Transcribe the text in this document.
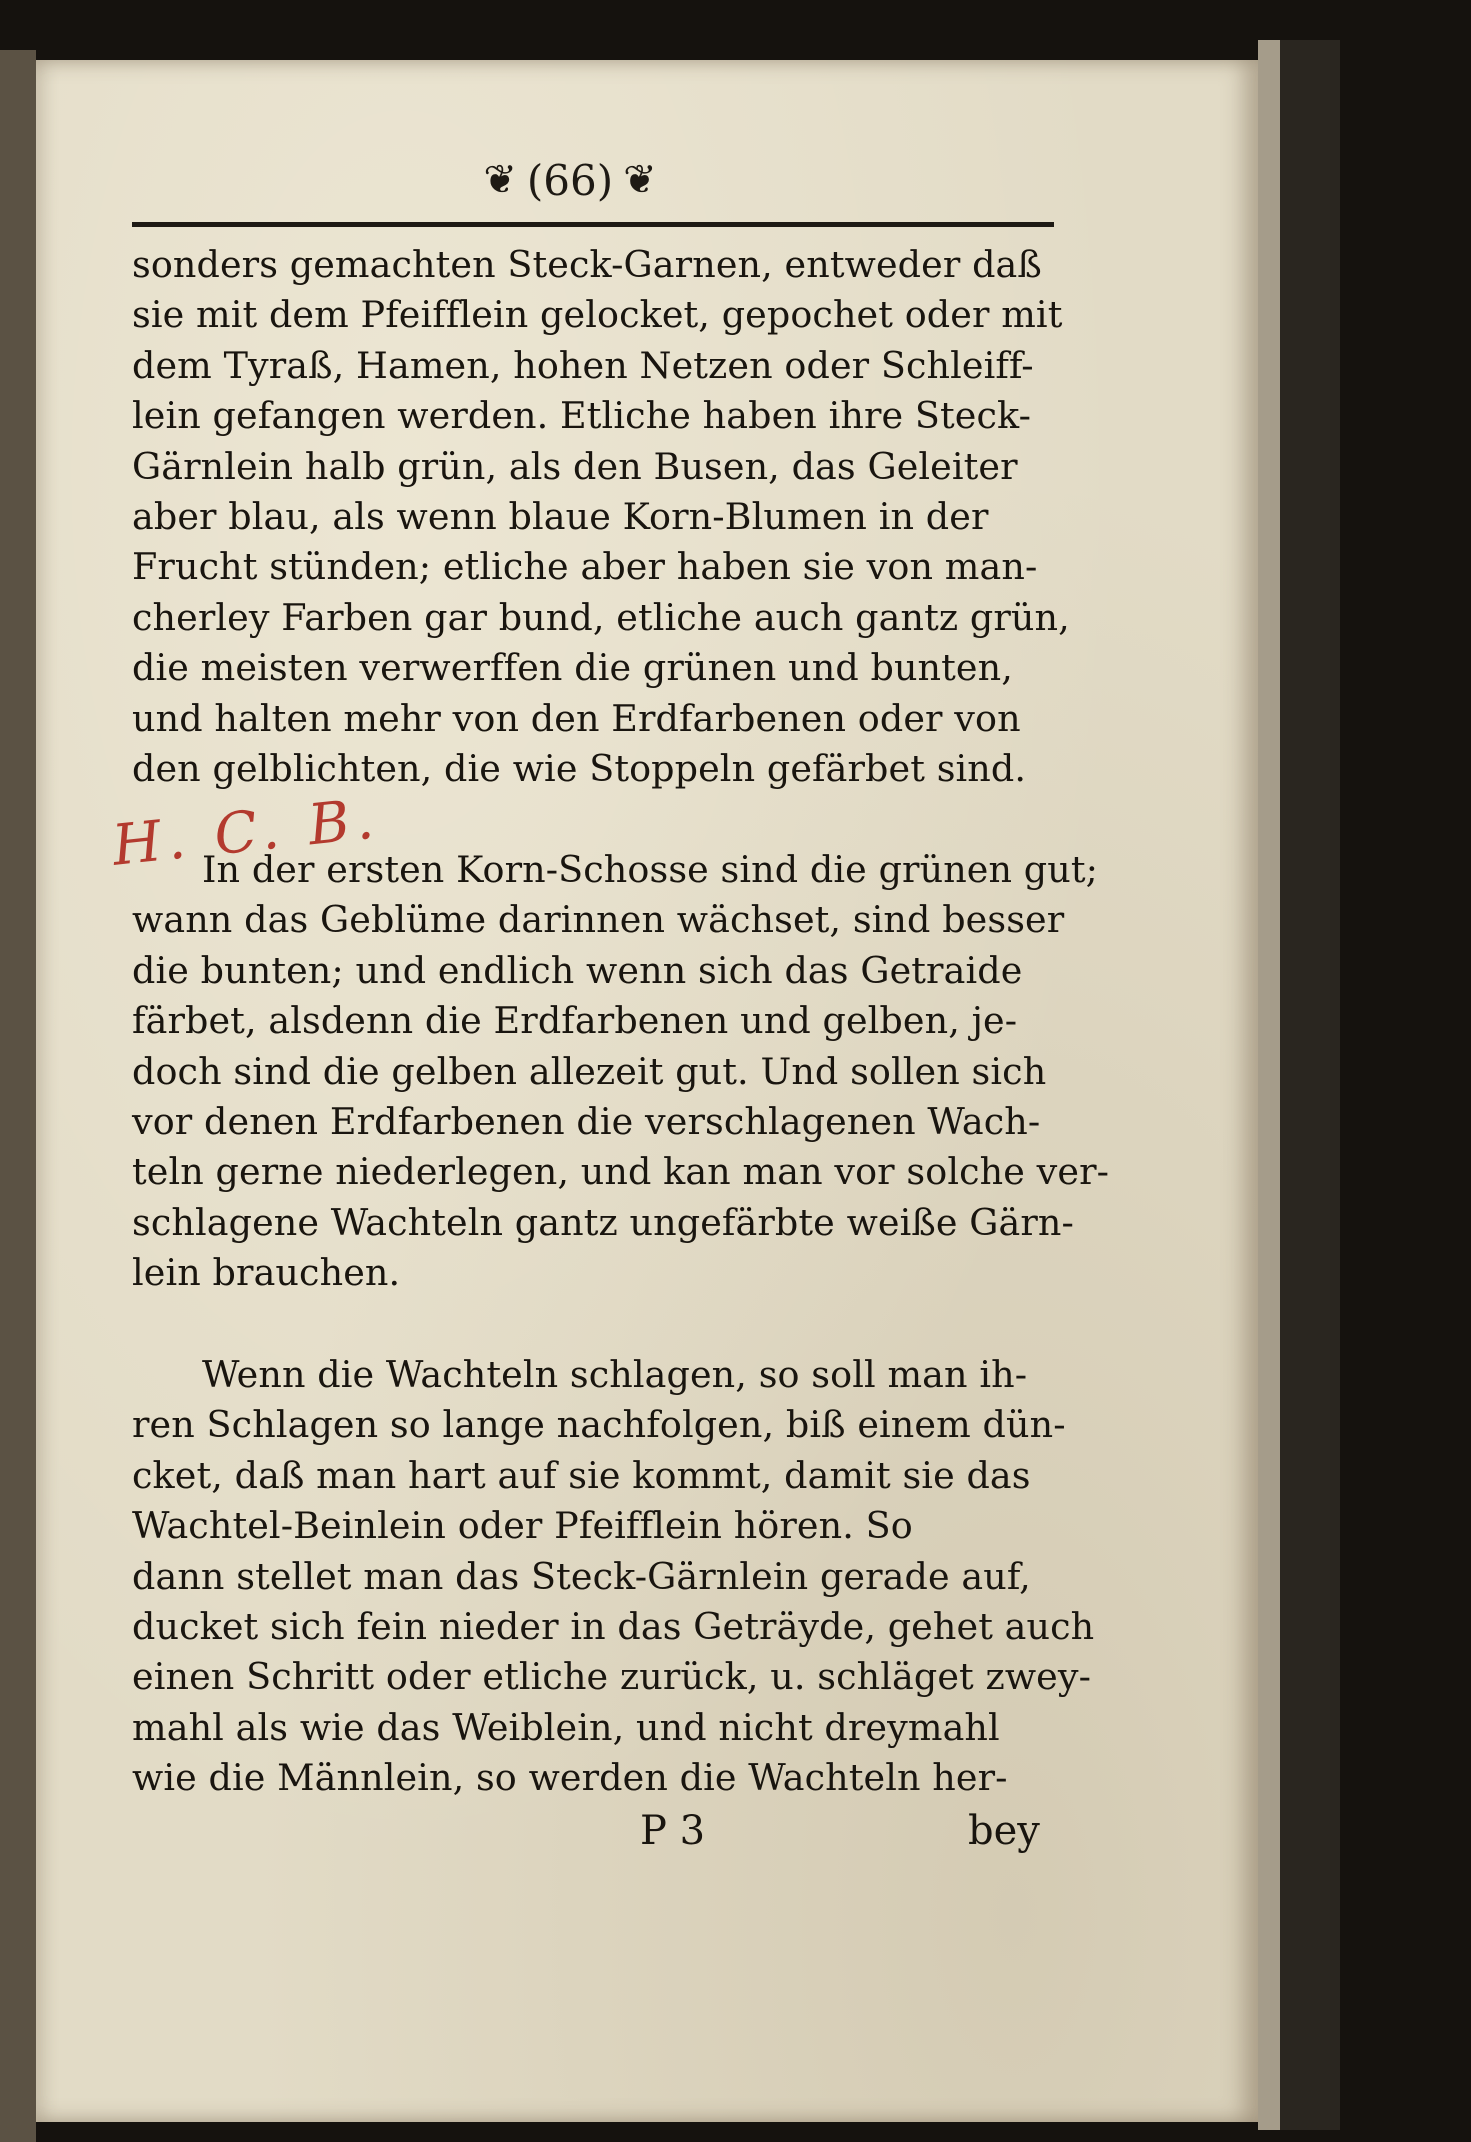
❦ (66) ❦
sonders gemachten Steck-Garnen, entweder daß
sie mit dem Pfeifflein gelocket, gepochet oder mit
dem Tyraß, Hamen, hohen Netzen oder Schleiff-
lein gefangen werden. Etliche haben ihre Steck-
Gärnlein halb grün, als den Busen, das Geleiter
aber blau, als wenn blaue Korn-Blumen in der
Frucht stünden; etliche aber haben sie von man-
cherley Farben gar bund, etliche auch gantz grün,
die meisten verwerffen die grünen und bunten,
und halten mehr von den Erdfarbenen oder von
den gelblichten, die wie Stoppeln gefärbet sind.
H. C. B.
In der ersten Korn-Schosse sind die grünen gut;
wann das Geblüme darinnen wächset, sind besser
die bunten; und endlich wenn sich das Getraide
färbet, alsdenn die Erdfarbenen und gelben, je-
doch sind die gelben allezeit gut. Und sollen sich
vor denen Erdfarbenen die verschlagenen Wach-
teln gerne niederlegen, und kan man vor solche ver-
schlagene Wachteln gantz ungefärbte weiße Gärn-
lein brauchen.
Wenn die Wachteln schlagen, so soll man ih-
ren Schlagen so lange nachfolgen, biß einem dün-
cket, daß man hart auf sie kommt, damit sie das
Wachtel-Beinlein oder Pfeifflein hören. So
dann stellet man das Steck-Gärnlein gerade auf,
ducket sich fein nieder in das Geträyde, gehet auch
einen Schritt oder etliche zurück, u. schläget zwey-
mahl als wie das Weiblein, und nicht dreymahl
wie die Männlein, so werden die Wachteln her-
P 3	bey
